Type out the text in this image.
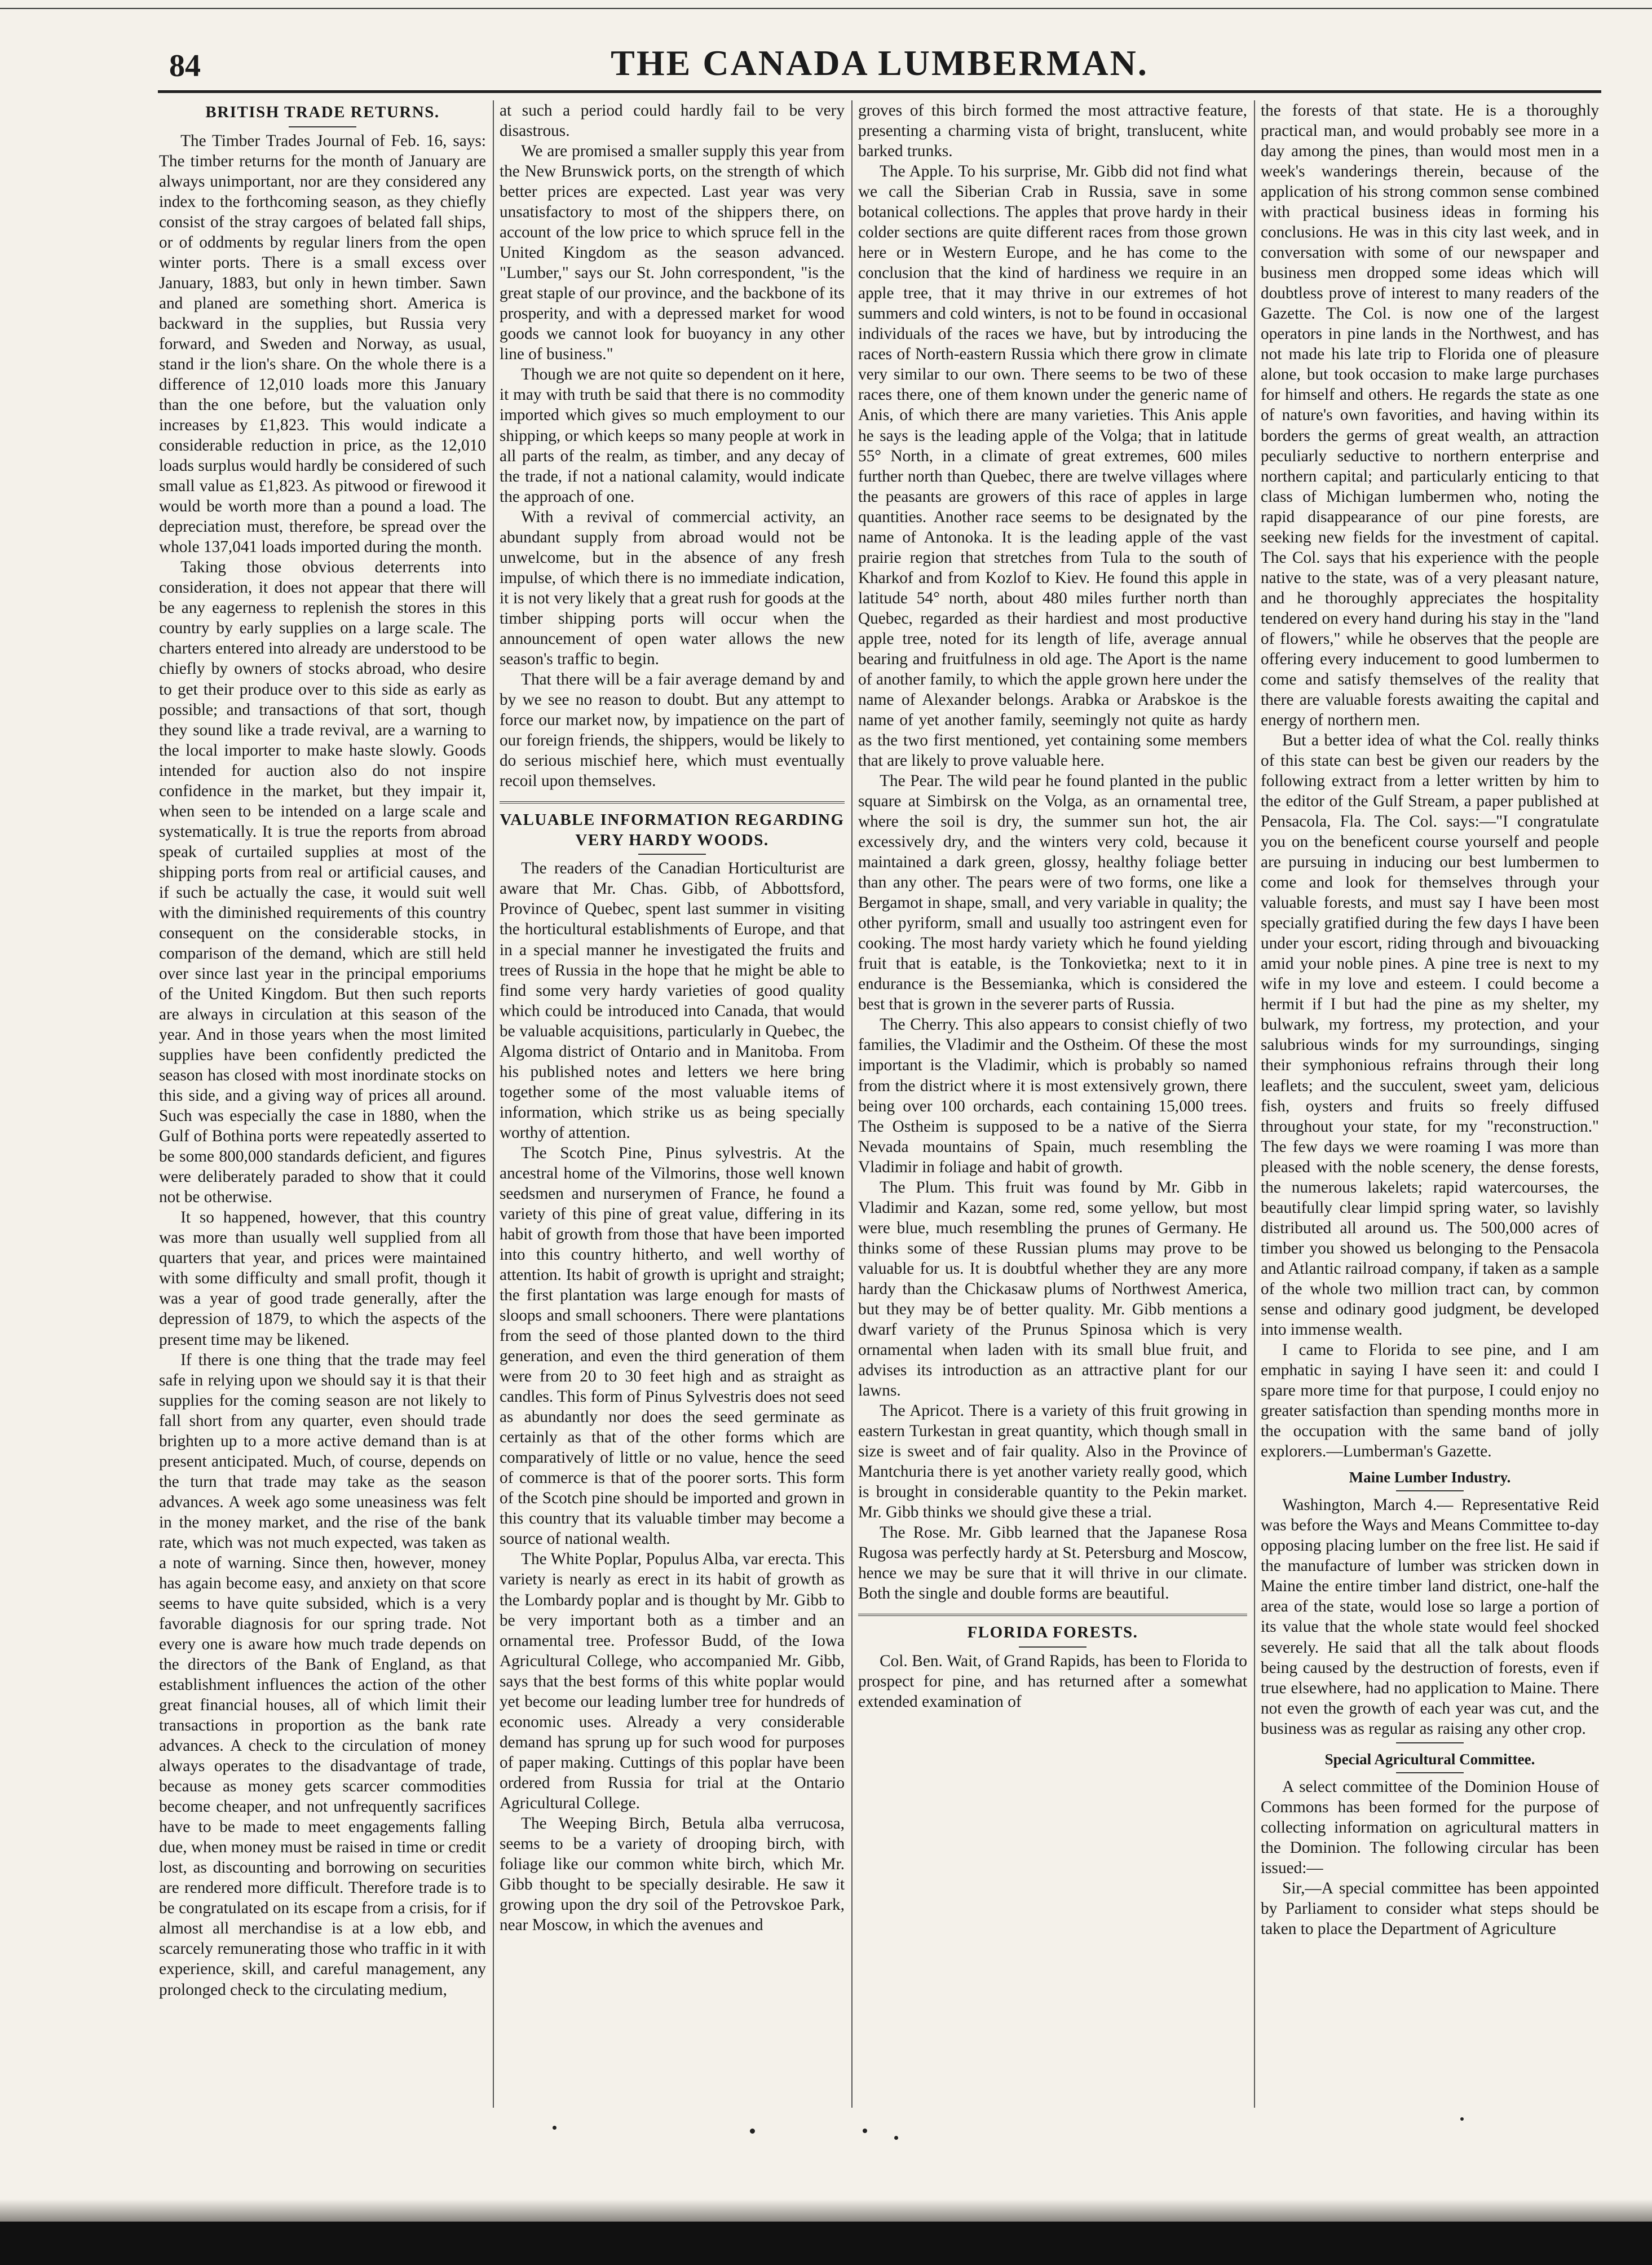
84	THE CANADA LUMBERMAN.
BRITISH TRADE RETURNS.

The Timber Trades Journal of Feb. 16, says: The timber returns for the month of January are always unimportant, nor are they considered any index to the forthcoming season, as they chiefly consist of the stray cargoes of belated fall ships, or of oddments by regular liners from the open winter ports. There is a small excess over January, 1883, but only in hewn timber. Sawn and planed are something short. America is backward in the supplies, but Russia very forward, and Sweden and Norway, as usual, stand ir the lion's share. On the whole there is a difference of 12,010 loads more this January than the one before, but the valuation only increases by £1,823. This would indicate a considerable reduction in price, as the 12,010 loads surplus would hardly be considered of such small value as £1,823. As pitwood or firewood it would be worth more than a pound a load. The depreciation must, therefore, be spread over the whole 137,041 loads imported during the month.

Taking those obvious deterrents into consideration, it does not appear that there will be any eagerness to replenish the stores in this country by early supplies on a large scale. The charters entered into already are understood to be chiefly by owners of stocks abroad, who desire to get their produce over to this side as early as possible; and transactions of that sort, though they sound like a trade revival, are a warning to the local importer to make haste slowly. Goods intended for auction also do not inspire confidence in the market, but they impair it, when seen to be intended on a large scale and systematically. It is true the reports from abroad speak of curtailed supplies at most of the shipping ports from real or artificial causes, and if such be actually the case, it would suit well with the diminished requirements of this country consequent on the considerable stocks, in comparison of the demand, which are still held over since last year in the principal emporiums of the United Kingdom. But then such reports are always in circulation at this season of the year. And in those years when the most limited supplies have been confidently predicted the season has closed with most inordinate stocks on this side, and a giving way of prices all around. Such was especially the case in 1880, when the Gulf of Bothina ports were repeatedly asserted to be some 800,000 standards deficient, and figures were deliberately paraded to show that it could not be otherwise.

It so happened, however, that this country was more than usually well supplied from all quarters that year, and prices were maintained with some difficulty and small profit, though it was a year of good trade generally, after the depression of 1879, to which the aspects of the present time may be likened.

If there is one thing that the trade may feel safe in relying upon we should say it is that their supplies for the coming season are not likely to fall short from any quarter, even should trade brighten up to a more active demand than is at present anticipated. Much, of course, depends on the turn that trade may take as the season advances. A week ago some uneasiness was felt in the money market, and the rise of the bank rate, which was not much expected, was taken as a note of warning. Since then, however, money has again become easy, and anxiety on that score seems to have quite subsided, which is a very favorable diagnosis for our spring trade. Not every one is aware how much trade depends on the directors of the Bank of England, as that establishment influences the action of the other great financial houses, all of which limit their transactions in proportion as the bank rate advances. A check to the circulation of money always operates to the disadvantage of trade, because as money gets scarcer commodities become cheaper, and not unfrequently sacrifices have to be made to meet engagements falling due, when money must be raised in time or credit lost, as discounting and borrowing on securities are rendered more difficult. Therefore trade is to be congratulated on its escape from a crisis, for if almost all merchandise is at a low ebb, and scarcely remunerating those who traffic in it with experience, skill, and careful management, any prolonged check to the circulating medium,

at such a period could hardly fail to be very disastrous.

We are promised a smaller supply this year from the New Brunswick ports, on the strength of which better prices are expected. Last year was very unsatisfactory to most of the shippers there, on account of the low price to which spruce fell in the United Kingdom as the season advanced. "Lumber," says our St. John correspondent, "is the great staple of our province, and the backbone of its prosperity, and with a depressed market for wood goods we cannot look for buoyancy in any other line of business."

Though we are not quite so dependent on it here, it may with truth be said that there is no commodity imported which gives so much employment to our shipping, or which keeps so many people at work in all parts of the realm, as timber, and any decay of the trade, if not a national calamity, would indicate the approach of one.

With a revival of commercial activity, an abundant supply from abroad would not be unwelcome, but in the absence of any fresh impulse, of which there is no immediate indication, it is not very likely that a great rush for goods at the timber shipping ports will occur when the announcement of open water allows the new season's traffic to begin.

That there will be a fair average demand by and by we see no reason to doubt. But any attempt to force our market now, by impatience on the part of our foreign friends, the shippers, would be likely to do serious mischief here, which must eventually recoil upon themselves.

VALUABLE INFORMATION REGARDING VERY HARDY WOODS.

The readers of the Canadian Horticulturist are aware that Mr. Chas. Gibb, of Abbottsford, Province of Quebec, spent last summer in visiting the horticultural establishments of Europe, and that in a special manner he investigated the fruits and trees of Russia in the hope that he might be able to find some very hardy varieties of good quality which could be introduced into Canada, that would be valuable acquisitions, particularly in Quebec, the Algoma district of Ontario and in Manitoba. From his published notes and letters we here bring together some of the most valuable items of information, which strike us as being specially worthy of attention.

The Scotch Pine, Pinus sylvestris. At the ancestral home of the Vilmorins, those well known seedsmen and nurserymen of France, he found a variety of this pine of great value, differing in its habit of growth from those that have been imported into this country hitherto, and well worthy of attention. Its habit of growth is upright and straight; the first plantation was large enough for masts of sloops and small schooners. There were plantations from the seed of those planted down to the third generation, and even the third generation of them were from 20 to 30 feet high and as straight as candles. This form of Pinus Sylvestris does not seed as abundantly nor does the seed germinate as certainly as that of the other forms which are comparatively of little or no value, hence the seed of commerce is that of the poorer sorts. This form of the Scotch pine should be imported and grown in this country that its valuable timber may become a source of national wealth.

The White Poplar, Populus Alba, var erecta. This variety is nearly as erect in its habit of growth as the Lombardy poplar and is thought by Mr. Gibb to be very important both as a timber and an ornamental tree. Professor Budd, of the Iowa Agricultural College, who accompanied Mr. Gibb, says that the best forms of this white poplar would yet become our leading lumber tree for hundreds of economic uses. Already a very considerable demand has sprung up for such wood for purposes of paper making. Cuttings of this poplar have been ordered from Russia for trial at the Ontario Agricultural College.

The Weeping Birch, Betula alba verrucosa, seems to be a variety of drooping birch, with foliage like our common white birch, which Mr. Gibb thought to be specially desirable. He saw it growing upon the dry soil of the Petrovskoe Park, near Moscow, in which the avenues and

groves of this birch formed the most attractive feature, presenting a charming vista of bright, translucent, white barked trunks.

The Apple. To his surprise, Mr. Gibb did not find what we call the Siberian Crab in Russia, save in some botanical collections. The apples that prove hardy in their colder sections are quite different races from those grown here or in Western Europe, and he has come to the conclusion that the kind of hardiness we require in an apple tree, that it may thrive in our extremes of hot summers and cold winters, is not to be found in occasional individuals of the races we have, but by introducing the races of North-eastern Russia which there grow in climate very similar to our own. There seems to be two of these races there, one of them known under the generic name of Anis, of which there are many varieties. This Anis apple he says is the leading apple of the Volga; that in latitude 55° North, in a climate of great extremes, 600 miles further north than Quebec, there are twelve villages where the peasants are growers of this race of apples in large quantities. Another race seems to be designated by the name of Antonoka. It is the leading apple of the vast prairie region that stretches from Tula to the south of Kharkof and from Kozlof to Kiev. He found this apple in latitude 54° north, about 480 miles further north than Quebec, regarded as their hardiest and most productive apple tree, noted for its length of life, average annual bearing and fruitfulness in old age. The Aport is the name of another family, to which the apple grown here under the name of Alexander belongs. Arabka or Arabskoe is the name of yet another family, seemingly not quite as hardy as the two first mentioned, yet containing some members that are likely to prove valuable here.

The Pear. The wild pear he found planted in the public square at Simbirsk on the Volga, as an ornamental tree, where the soil is dry, the summer sun hot, the air excessively dry, and the winters very cold, because it maintained a dark green, glossy, healthy foliage better than any other. The pears were of two forms, one like a Bergamot in shape, small, and very variable in quality; the other pyriform, small and usually too astringent even for cooking. The most hardy variety which he found yielding fruit that is eatable, is the Tonkovietka; next to it in endurance is the Bessemianka, which is considered the best that is grown in the severer parts of Russia.

The Cherry. This also appears to consist chiefly of two families, the Vladimir and the Ostheim. Of these the most important is the Vladimir, which is probably so named from the district where it is most extensively grown, there being over 100 orchards, each containing 15,000 trees. The Ostheim is supposed to be a native of the Sierra Nevada mountains of Spain, much resembling the Vladimir in foliage and habit of growth.

The Plum. This fruit was found by Mr. Gibb in Vladimir and Kazan, some red, some yellow, but most were blue, much resembling the prunes of Germany. He thinks some of these Russian plums may prove to be valuable for us. It is doubtful whether they are any more hardy than the Chickasaw plums of Northwest America, but they may be of better quality. Mr. Gibb mentions a dwarf variety of the Prunus Spinosa which is very ornamental when laden with its small blue fruit, and advises its introduction as an attractive plant for our lawns.

The Apricot. There is a variety of this fruit growing in eastern Turkestan in great quantity, which though small in size is sweet and of fair quality. Also in the Province of Mantchuria there is yet another variety really good, which is brought in considerable quantity to the Pekin market. Mr. Gibb thinks we should give these a trial.

The Rose. Mr. Gibb learned that the Japanese Rosa Rugosa was perfectly hardy at St. Petersburg and Moscow, hence we may be sure that it will thrive in our climate. Both the single and double forms are beautiful.

FLORIDA FORESTS.

Col. Ben. Wait, of Grand Rapids, has been to Florida to prospect for pine, and has returned after a somewhat extended examination of

the forests of that state. He is a thoroughly practical man, and would probably see more in a day among the pines, than would most men in a week's wanderings therein, because of the application of his strong common sense combined with practical business ideas in forming his conclusions. He was in this city last week, and in conversation with some of our newspaper and business men dropped some ideas which will doubtless prove of interest to many readers of the Gazette. The Col. is now one of the largest operators in pine lands in the Northwest, and has not made his late trip to Florida one of pleasure alone, but took occasion to make large purchases for himself and others. He regards the state as one of nature's own favorities, and having within its borders the germs of great wealth, an attraction peculiarly seductive to northern enterprise and northern capital; and particularly enticing to that class of Michigan lumbermen who, noting the rapid disappearance of our pine forests, are seeking new fields for the investment of capital. The Col. says that his experience with the people native to the state, was of a very pleasant nature, and he thoroughly appreciates the hospitality tendered on every hand during his stay in the "land of flowers," while he observes that the people are offering every inducement to good lumbermen to come and satisfy themselves of the reality that there are valuable forests awaiting the capital and energy of northern men.

But a better idea of what the Col. really thinks of this state can best be given our readers by the following extract from a letter written by him to the editor of the Gulf Stream, a paper published at Pensacola, Fla. The Col. says:—"I congratulate you on the beneficent course yourself and people are pursuing in inducing our best lumbermen to come and look for themselves through your valuable forests, and must say I have been most specially gratified during the few days I have been under your escort, riding through and bivouacking amid your noble pines. A pine tree is next to my wife in my love and esteem. I could become a hermit if I but had the pine as my shelter, my bulwark, my fortress, my protection, and your salubrious winds for my surroundings, singing their symphonious refrains through their long leaflets; and the succulent, sweet yam, delicious fish, oysters and fruits so freely diffused throughout your state, for my "reconstruction." The few days we were roaming I was more than pleased with the noble scenery, the dense forests, the numerous lakelets; rapid watercourses, the beautifully clear limpid spring water, so lavishly distributed all around us. The 500,000 acres of timber you showed us belonging to the Pensacola and Atlantic railroad company, if taken as a sample of the whole two million tract can, by common sense and odinary good judgment, be developed into immense wealth.

I came to Florida to see pine, and I am emphatic in saying I have seen it: and could I spare more time for that purpose, I could enjoy no greater satisfaction than spending months more in the occupation with the same band of jolly explorers.—Lumberman's Gazette.

Maine Lumber Industry.

Washington, March 4.— Representative Reid was before the Ways and Means Committee to-day opposing placing lumber on the free list. He said if the manufacture of lumber was stricken down in Maine the entire timber land district, one-half the area of the state, would lose so large a portion of its value that the whole state would feel shocked severely. He said that all the talk about floods being caused by the destruction of forests, even if true elsewhere, had no application to Maine. There not even the growth of each year was cut, and the business was as regular as raising any other crop.

Special Agricultural Committee.

A select committee of the Dominion House of Commons has been formed for the purpose of collecting information on agricultural matters in the Dominion. The following circular has been issued:—

Sir,—A special committee has been appointed by Parliament to consider what steps should be taken to place the Department of Agriculture
